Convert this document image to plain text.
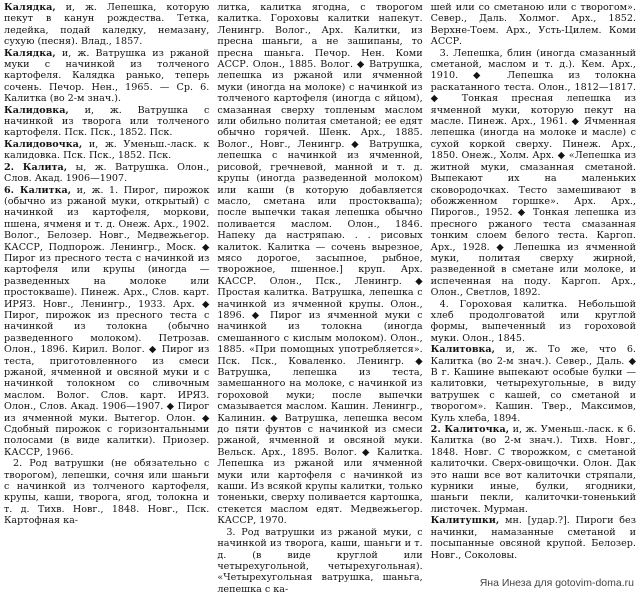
Калядка, и, ж. Лепешка, которую пекут в канун рождества. Тетка, ледейка, подай каледку, немазану, сухую (песня). Влад., 1857.

Калядка, и, ж. Ватрушка из ржаной муки с начинкой из толченого картофеля. Калядка ранько, теперь сочень. Печор. Нен., 1965. — Ср. 6. Калитка (во 2-м знач.).

Калидовка, и, ж. Ватрушка с начинкой из творога или толченого картофеля. Пск. Пск., 1852. Пск.

Калидовочка, и, ж. Уменьш.-ласк. к калидовка. Пск. Пск., 1852. Пск.

2. Калита, ы, ж. Ватрушка. Олон., Слов. Акад. 1906—1907.

6. Калитка, и, ж. 1. Пирог, пирожок (обычно из ржаной муки, открытый) с начинкой из картофеля, моркови, пшена, ячменя и т. д. Онеж. Арх., 1902. Волог., Белозер. Новг., Медвежьегор. КАССР, Подпорож. Ленингр., Моск. ◆ Пирог из пресного теста с начинкой из картофеля или крупы (иногда — разведенных на молоке или простокваше). Пинеж. Арх., Слов. карт. ИРЯЗ. Новг., Ленингр., 1933. Арх. ◆ Пирог, пирожок из пресного теста с начинкой из толокна (обычно разведенного молоком). Петрозав. Олон., 1896. Кирил. Волог. ◆ Пирог из теста, приготовленного из смеси ржаной, ячменной и овсяной муки и с начинкой толокном со сливочным маслом. Волог. Слов. карт. ИРЯЗ. Олон., Слов. Акад. 1906—1907. ◆ Пирог из ячменной муки. Вытегор. Олон. ◆ Сдобный пирожок с горизонтальными полосами (в виде калитки). Приозер. КАССР, 1966.

2. Род ватрушки (не обязательно с творогом), лепешки, сочня или шаньги с начинкой из толченого картофеля, крупы, каши, творога, ягод, толокна и т. д. Тихв. Новг., 1848. Новг., Пск. Картофная ка-

литка, калитка ягодна, с творогом калитка. Гороховы калитки напекут. Ленингр. Волог., Арх. Калитки, из пресна шаньги, а не зашипаны, то пресна шаньга. Печор. Нен. Коми АССР. Олон., 1885. Волог. ◆ Ватрушка, лепешка из ржаной или ячменной муки (иногда на молоке) с начинкой из толченого картофеля (иногда с яйцом), смазанная сверху топленым маслом или обильно политая сметаной; ее едят обычно горячей. Шенк. Арх., 1885. Волог., Новг., Ленингр. ◆ Ватрушка, лепешка с начинкой из ячменной, рисовой, гречневой, манной и т. д. крупы (иногда разведенной молоком) или каши (в которую добавляется масло, сметана или простокваша); после выпечки такая лепешка обычно поливается маслом. Олон., 1846. Напеку да настряпаю. . . рисовых калиток. Калитка — сочень вырезное, мясо дорогое, засыпное, рыбное, творожное, пшенное.] круп. Арх. КАССР. Олон., Пск., Ленингр. ◆ Простая калитка. Ватрушка, лепешка с начинкой из ячменной крупы. Олон., 1896. ◆ Пирог из ячменной муки с начинкой из толокна (иногда смешанного с кислым молоком). Олон., 1885. «При помощных употребляется». Пск. Пск., Коваленко. Ленингр. ◆ Ватрушка, лепешка из теста, замешанного на молоке, с начинкой из гороховой муки; после выпечки смазывается маслом. Кашин. Ленингр., Калинин. ◆ Ватрушка, лепешка весом до пяти фунтов с начинкой из смеси ржаной, ячменной и овсяной муки. Вельск. Арх., 1895. Волог. ◆ Калитка. Лепешка из ржаной или ячменной муки или картофеля с начинкой из каши. Из всякой крупы калитки, только тоненьки, сверху поливается картошка, стекется маслом едят. Медвежьегор. КАССР, 1970.

3. Род ватрушки из ржаной муки, с начинкой из творога, каши, шаньги и т. д. (в виде круглой или четырехугольной, четырехугольная). «Четырехугольная ватрушка, шаньга, лепешка с ка-

шей или со сметаною или с творогом». Север., Даль. Холмог. Арх., 1852. Верхне-Тоем. Арх., Усть-Цилем. Коми АССР.

3. Лепешка, блин (иногда смазанный сметаной, маслом и т. д.). Кем. Арх., 1910. ◆ Лепешка из толокна раскатанного теста. Олон., 1812—1817. ◆ Тонкая пресная лепешка из ячменной муки, которую пекут на масле. Пинеж. Арх., 1961. ◆ Ячменная лепешка (иногда на молоке и масле) с сухой коркой сверху. Пинеж. Арх., 1850. Онеж., Холм. Арх. ◆ «Лепешка из житной муки, смазанная сметаной. Выпекают их на маленьких сковородочках. Тесто замешивают в обожженном горшке». Арх. Арх., Пирогов., 1952. ◆ Тонкая лепешка из пресного ржаного теста смазанная тонким слоем белого теста. Каргоп. Арх., 1928. ◆ Лепешка из ячменной муки, политая сверху жирной, разведенной в сметане или молоке, и испеченная на поду. Каргоп. Арх., Олон., Светлов, 1892.

4. Гороховая калитка. Небольшой хлеб продолговатой или круглой формы, выпеченный из гороховой муки. Олон., 1845.

Калитовка, и, ж. То же, что 6. Калитка (во 2-м знач.). Север., Даль. ◆ В г. Кашине выпекают особые булки — калитовки, четырехугольные, в виду ватрушек с кашей, со сметаной и творогом». Кашин. Твер., Максимов, Куль хлеба, 1894.

2. Калиточка, и, ж. Уменьш.-ласк. к 6. Калитка (во 2-м знач.). Тихв. Новг., 1848. Новг. С творожком, с сметаной калиточки. Сверх-овищочки. Олон. Дак это наши все вот калиточки стряпали, курники иные, булки, ягодники, шаньги пекли, калиточки-тоненький листочек. Мурман.

Калитушки, мн. [удар.?]. Пироги без начинки, намазанные сметаной и посыпанные овсяной крупой. Белозер. Новг., Соколовы.

Яна Инеза для gotovim-doma.ru
